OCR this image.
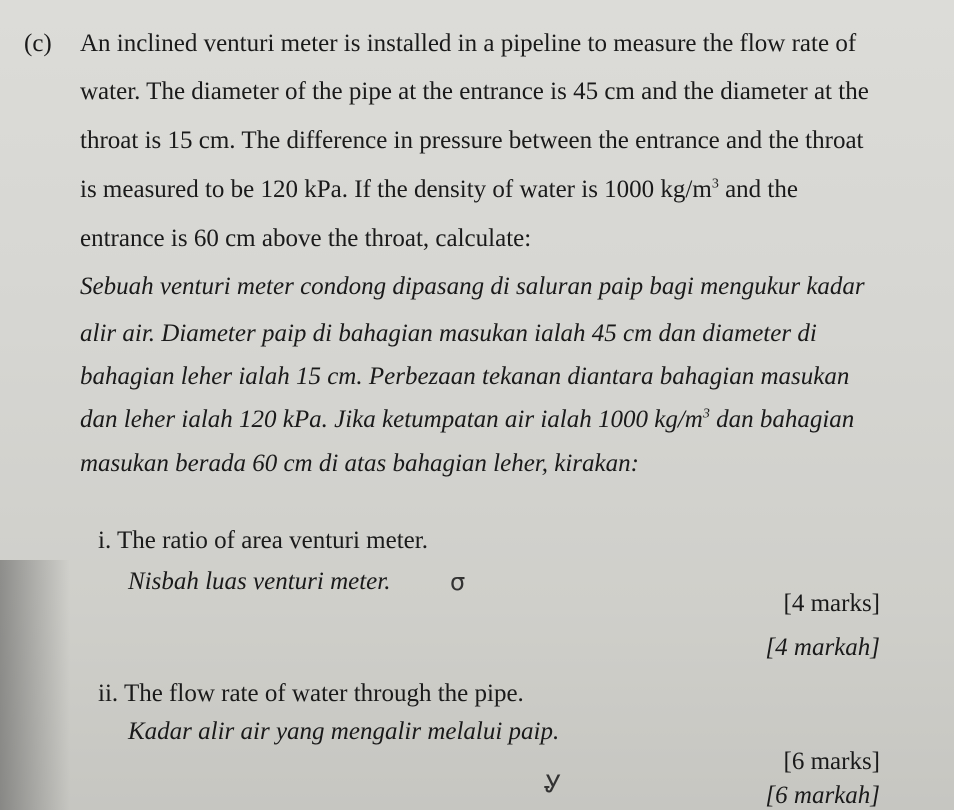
(c) An inclined venturi meter is installed in a pipeline to measure the flow rate of
water. The diameter of the pipe at the entrance is 45 cm and the diameter at the
throat is 15 cm. The difference in pressure between the entrance and the throat
is measured to be 120 kPa. If the density of water is 1000 $kg/m^3$ and the
entrance is 60 cm above the throat, calculate:
Sebuah venturi meter condong dipasang di saluran paip bagi mengukur kadar
alir air. Diameter paip di bahagian masukan ialah 45 cm dan diameter di
bahagian leher ialah 15 cm. Perbezaan tekanan diantara bahagian masukan
dan leher ialah 120 kPa. Jika ketumpatan air ialah 1000 $kg/m^3$ dan bahagian
masukan berada 60 cm di atas bahagian leher, kirakan:
i. The ratio of area venturi meter.
Nisbah luas venturi meter. σ
[4 marks]
[4 markah]
ii. The flow rate of water through the pipe.
Kadar alir air yang mengalir melalui paip.
[6 marks]
Ꮍ	[6 markah]
